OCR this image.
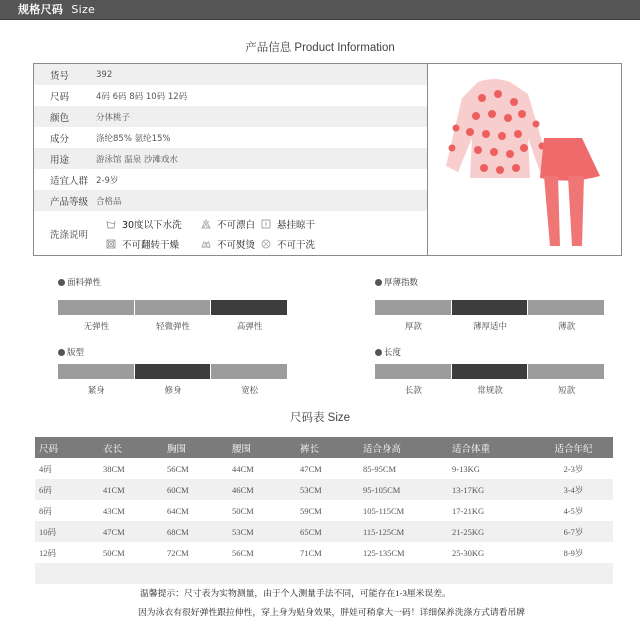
规格尺码 Size
产品信息 Product Information
货号	392
尺码	4码 6码 8码 10码 12码
颜色	分体桃子
成分	涤纶85% 氨纶15%
用途	游泳馆 温泉 沙滩戏水
适宜人群 2-9岁
产品等级 合格品
洗涤说明
30度以下水洗	不可漂白 悬挂晾干
不可翻转干燥	不可熨烫 不可干洗
面料弹性
无弹性	轻微弹性	高弹性
厚薄指数
厚款	薄厚适中	薄款
版型
紧身	修身	宽松
长度
长款	常规款	短款
尺码表 Size
尺码	衣长	胸围	腰围	裤长	适合身高	适合体重	适合年纪
4码	38CM	56CM	44CM	47CM	85-95CM	9-13KG	2-3岁
6码	41CM	60CM	46CM	53CM	95-105CM	13-17KG	3-4岁
8码	43CM	64CM	50CM	59CM	105-115CM	17-21KG	4-5岁
10码	47CM	68CM	53CM	65CM	115-125CM	21-25KG	6-7岁
12码	50CM	72CM	56CM	71CM	125-135CM	25-30KG	8-9岁
温馨提示：尺寸表为实物测量，由于个人测量手法不同，可能存在1-3厘米误差。
因为泳衣有很好弹性跟拉伸性，穿上身为贴身效果，胖娃可稍拿大一码！详细保养洗涤方式请看吊牌
